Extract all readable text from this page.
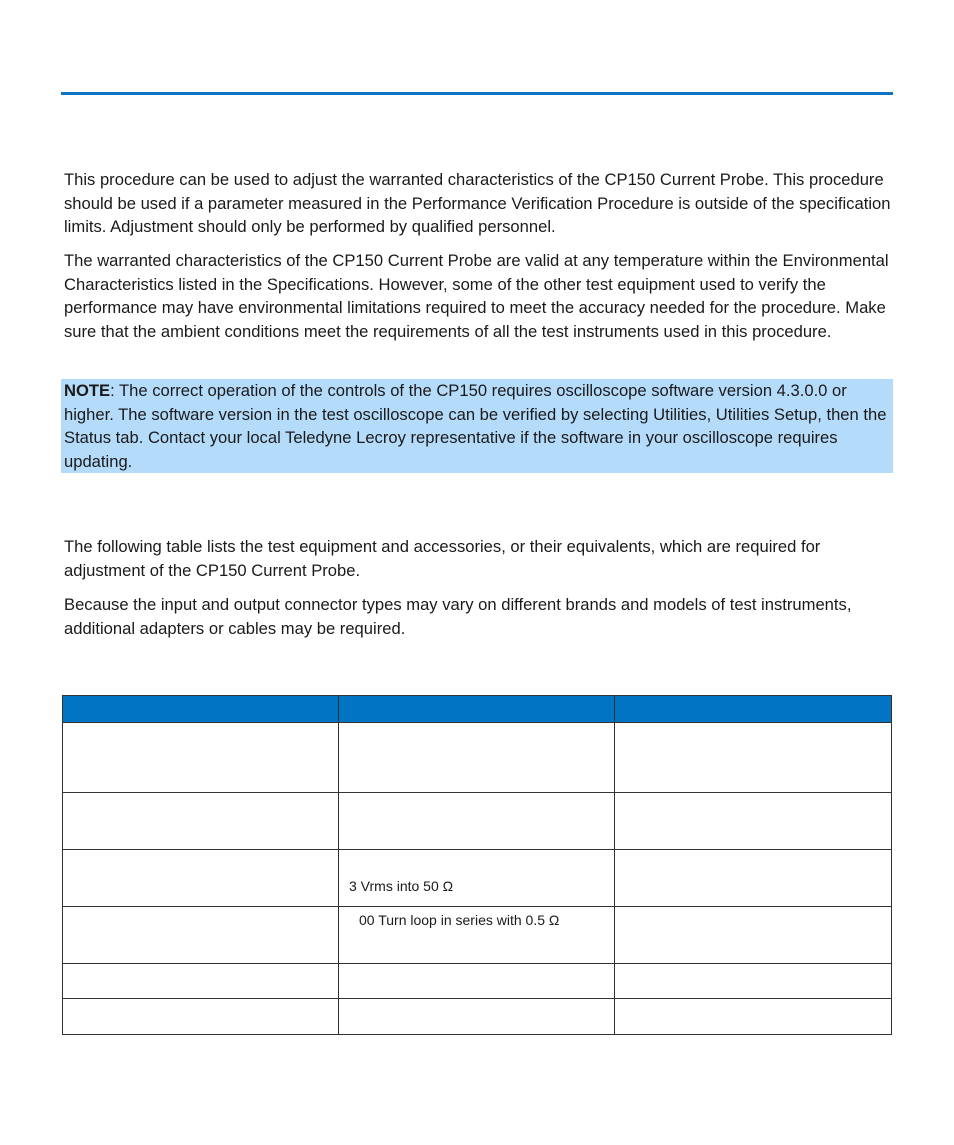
This procedure can be used to adjust the warranted characteristics of the CP150 Current Probe. This procedure should be used if a parameter measured in the Performance Verification Procedure is outside of the specification limits. Adjustment should only be performed by qualified personnel.

The warranted characteristics of the CP150 Current Probe are valid at any temperature within the Environmental Characteristics listed in the Specifications. However, some of the other test equipment used to verify the performance may have environmental limitations required to meet the accuracy needed for the procedure. Make sure that the ambient conditions meet the requirements of all the test instruments used in this procedure.

NOTE: The correct operation of the controls of the CP150 requires oscilloscope software version 4.3.0.0 or higher. The software version in the test oscilloscope can be verified by selecting Utilities, Utilities Setup, then the Status tab. Contact your local Teledyne Lecroy representative if the software in your oscilloscope requires updating.

The following table lists the test equipment and accessories, or their equivalents, which are required for adjustment of the CP150 Current Probe.

Because the input and output connector types may vary on different brands and models of test instruments, additional adapters or cables may be required.

	3 Vrms into 50 Ω	

	00 Turn loop in series with 0.5 Ω	
